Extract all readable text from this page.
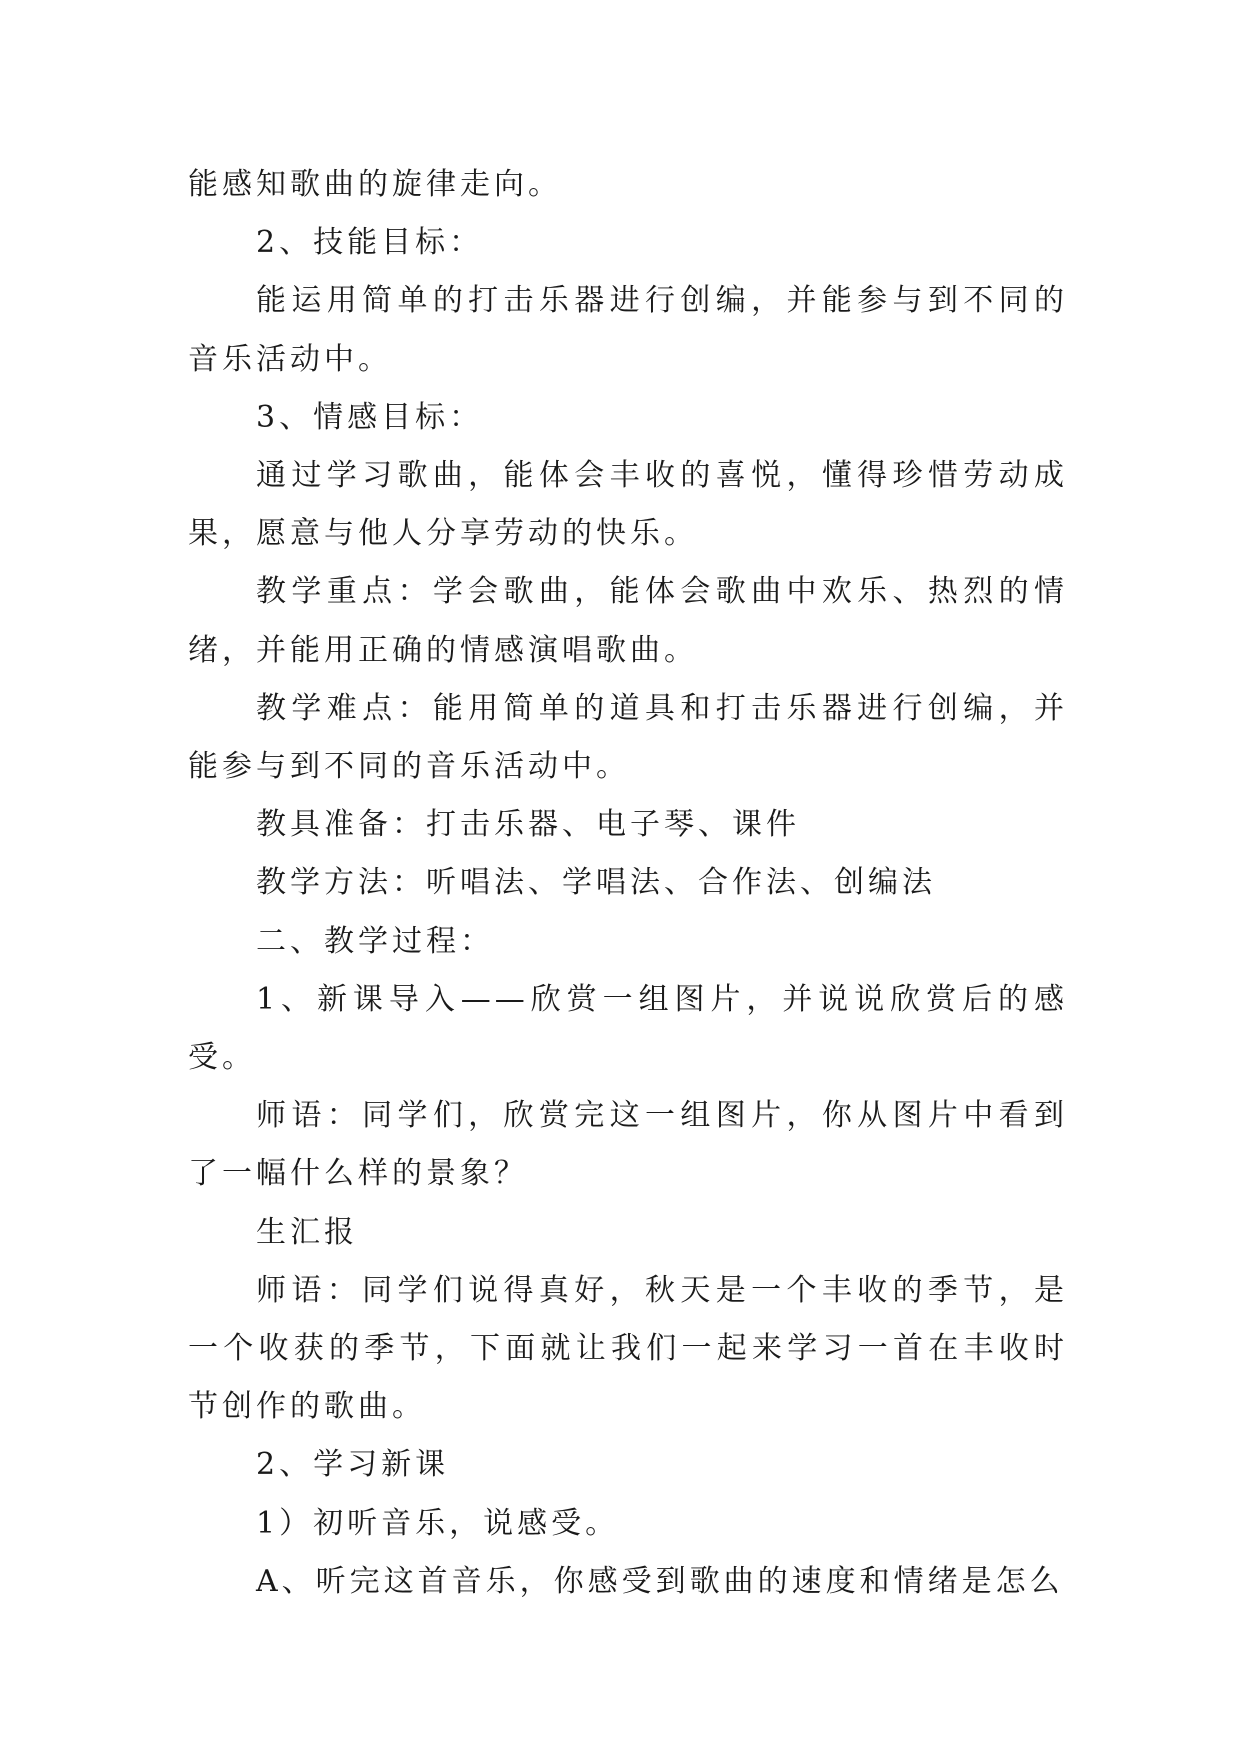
能感知歌曲的旋律走向。

2、技能目标：

能运用简单的打击乐器进行创编，并能参与到不同的音乐活动中。

3、情感目标：

通过学习歌曲，能体会丰收的喜悦，懂得珍惜劳动成果，愿意与他人分享劳动的快乐。

教学重点：学会歌曲，能体会歌曲中欢乐、热烈的情绪，并能用正确的情感演唱歌曲。

教学难点：能用简单的道具和打击乐器进行创编，并能参与到不同的音乐活动中。

教具准备：打击乐器、电子琴、课件

教学方法：听唱法、学唱法、合作法、创编法

二、教学过程：

1、新课导入——欣赏一组图片，并说说欣赏后的感受。

师语：同学们，欣赏完这一组图片，你从图片中看到了一幅什么样的景象？

生汇报

师语：同学们说得真好，秋天是一个丰收的季节，是一个收获的季节，下面就让我们一起来学习一首在丰收时节创作的歌曲。

2、学习新课

1）初听音乐，说感受。

A、听完这首音乐，你感受到歌曲的速度和情绪是怎么
